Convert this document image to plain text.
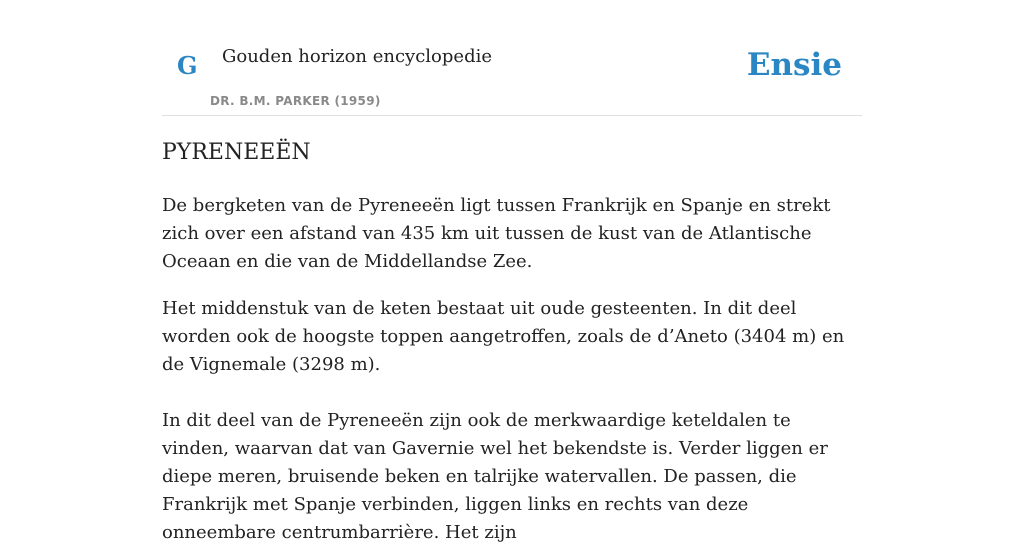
G Gouden horizon encyclopedie
DR. B.M. PARKER (1959)
Ensie
PYRENEEËN

De bergketen van de Pyreneeën ligt tussen Frankrijk en Spanje en strekt zich over een afstand van 435 km uit tussen de kust van de Atlantische Oceaan en die van de Middellandse Zee.

Het middenstuk van de keten bestaat uit oude gesteenten. In dit deel worden ook de hoogste toppen aangetroffen, zoals de d’Aneto (3404 m) en de Vignemale (3298 m).

In dit deel van de Pyreneeën zijn ook de merkwaardige keteldalen te vinden, waarvan dat van Gavernie wel het bekendste is. Verder liggen er diepe meren, bruisende beken en talrijke watervallen. De passen, die Frankrijk met Spanje verbinden, liggen links en rechts van deze onneembare centrumbarrière. Het zijn
